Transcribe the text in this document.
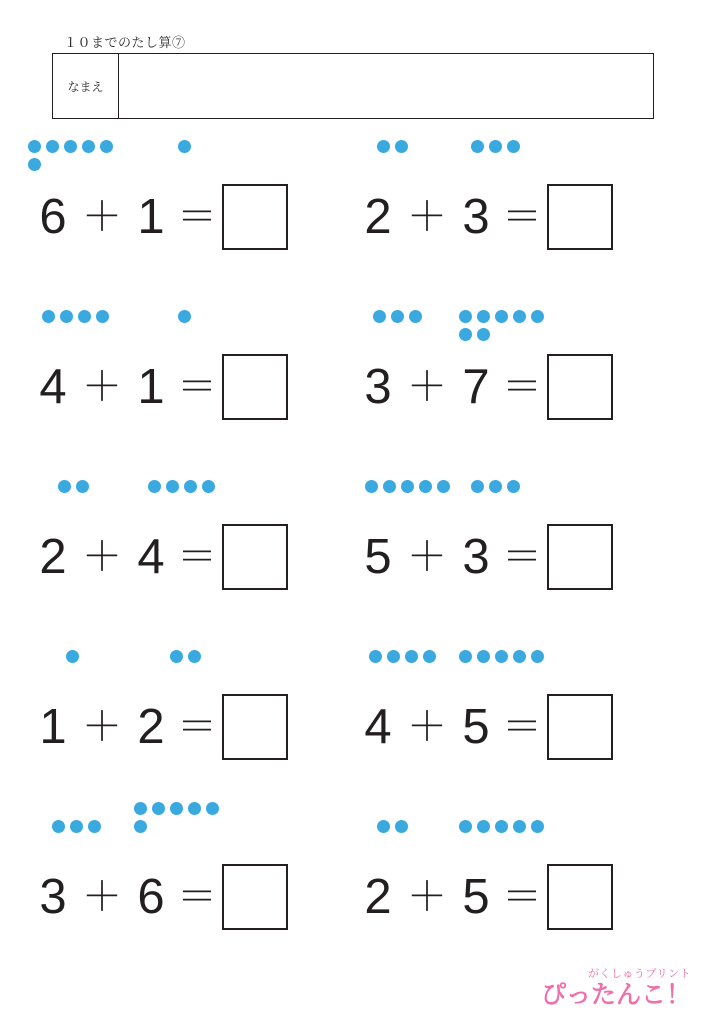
１０までのたし算⑦
なまえ
6 ＋ 1 ＝	2 ＋ 3 ＝
4 ＋ 1 ＝	3 ＋ 7 ＝
2 ＋ 4 ＝	5 ＋ 3 ＝
1 ＋ 2 ＝	4 ＋ 5 ＝
3 ＋ 6 ＝	2 ＋ 5 ＝
がくしゅうプリント
ぴったんこ！
